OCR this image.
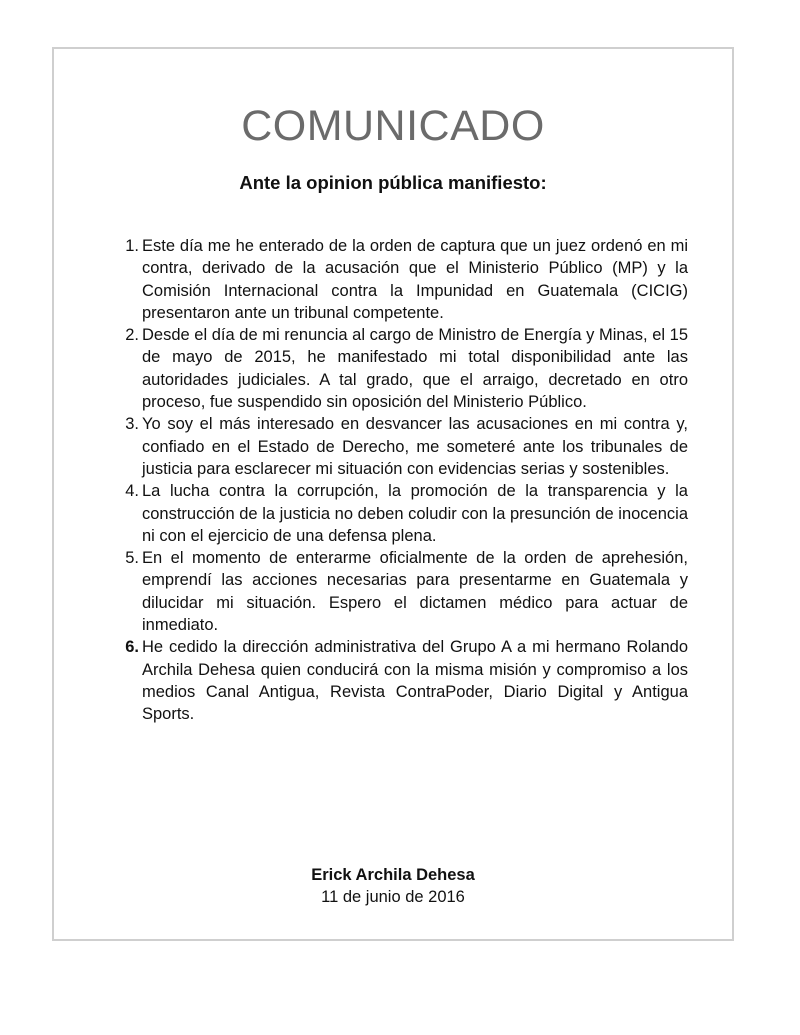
COMUNICADO
Ante la opinion pública manifiesto:
1. Este día me he enterado de la orden de captura que un juez ordenó en mi contra, derivado de la acusación que el Ministerio Público (MP) y la Comisión Internacional contra la Impunidad en Guatemala (CICIG) presentaron ante un tribunal competente.
2. Desde el día de mi renuncia al cargo de Ministro de Energía y Minas, el 15 de mayo de 2015, he manifestado mi total disponibilidad ante las autoridades judiciales. A tal grado, que el arraigo, decretado en otro proceso, fue suspendido sin oposición del Ministerio Público.
3. Yo soy el más interesado en desvancer las acusaciones en mi contra y, confiado en el Estado de Derecho, me someteré ante los tribunales de justicia para esclarecer mi situación con evidencias serias y sostenibles.
4. La lucha contra la corrupción, la promoción de la transparencia y la construcción de la justicia no deben coludir con la presunción de inocencia ni con el ejercicio de una defensa plena.
5. En el momento de enterarme oficialmente de la orden de aprehesión, emprendí las acciones necesarias para presentarme en Guatemala y dilucidar mi situación. Espero el dictamen médico para actuar de inmediato.
6. He cedido la dirección administrativa del Grupo A a mi hermano Rolando Archila Dehesa quien conducirá con la misma misión y compromiso a los medios Canal Antigua, Revista ContraPoder, Diario Digital y Antigua Sports.
Erick Archila Dehesa
11 de junio de 2016
